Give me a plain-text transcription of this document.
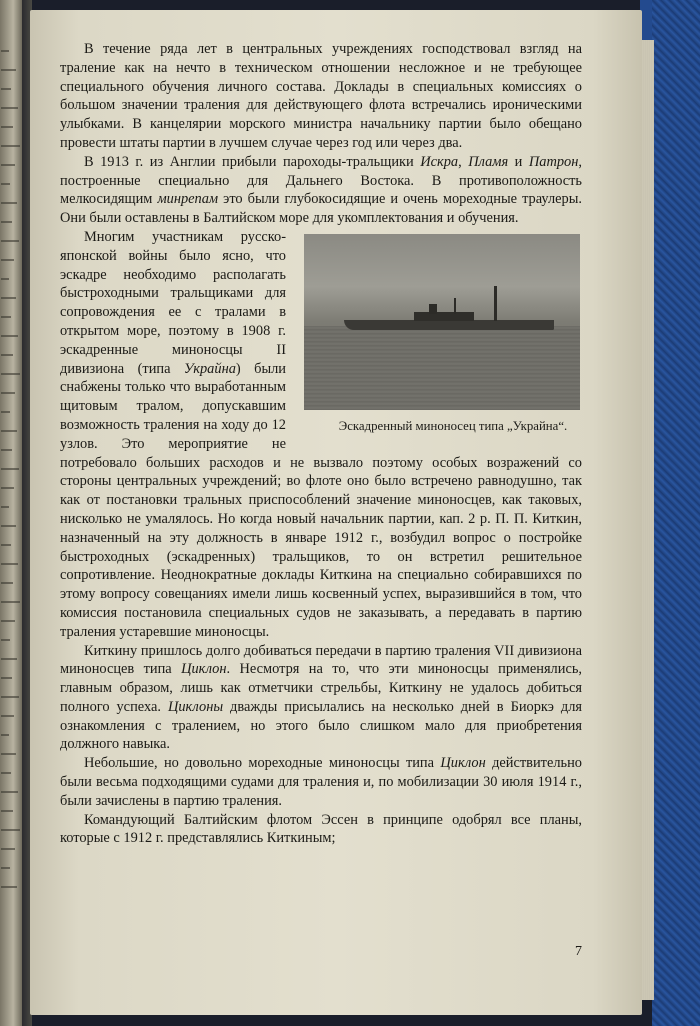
В течение ряда лет в центральных учреждениях господствовал взгляд на траление как на нечто в техническом отношении несложное и не требующее специального обучения личного состава. Доклады в специальных комиссиях о большом значении траления для действующего флота встречались ироническими улыбками. В канцелярии морского министра начальнику партии было обещано провести штаты партии в лучшем случае через год или через два.

В 1913 г. из Англии прибыли пароходы-тральщики Искра, Пламя и Патрон, построенные специально для Дальнего Востока. В противоположность мелкосидящим минрепам это были глубокосидящие и очень мореходные траулеры. Они были оставлены в Балтийском море для укомплектования и обучения.

Эскадренный миноносец типа „Украйна“.
Многим участникам русско-японской войны было ясно, что эскадре необходимо располагать быстроходными тральщиками для сопровождения ее с тралами в открытом море, поэтому в 1908 г. эскадренные миноносцы II дивизиона (типа Украйна) были снабжены только что выработанным щитовым тралом, допускавшим возможность траления на ходу до 12 узлов. Это мероприятие не потребовало больших расходов и не вызвало поэтому особых возражений со стороны центральных учреждений; во флоте оно было встречено равнодушно, так как от постановки тральных приспособлений значение миноносцев, как таковых, нисколько не умалялось. Но когда новый начальник партии, кап. 2 р. П. П. Киткин, назначенный на эту должность в январе 1912 г., возбудил вопрос о постройке быстроходных (эскадренных) тральщиков, то он встретил решительное сопротивление. Неоднократные доклады Киткина на специально собиравшихся по этому вопросу совещаниях имели лишь косвенный успех, выразившийся в том, что комиссия постановила специальных судов не заказывать, а передавать в партию траления устаревшие миноносцы.

Киткину пришлось долго добиваться передачи в партию траления VII дивизиона миноносцев типа Циклон. Несмотря на то, что эти миноносцы применялись, главным образом, лишь как отметчики стрельбы, Киткину не удалось добиться полного успеха. Циклоны дважды присылались на несколько дней в Биоркэ для ознакомления с тралением, но этого было слишком мало для приобретения должного навыка.

Небольшие, но довольно мореходные миноносцы типа Циклон действительно были весьма подходящими судами для траления и, по мобилизации 30 июля 1914 г., были зачислены в партию траления.

Командующий Балтийским флотом Эссен в принципе одобрял все планы, которые с 1912 г. представлялись Киткиным;

7
